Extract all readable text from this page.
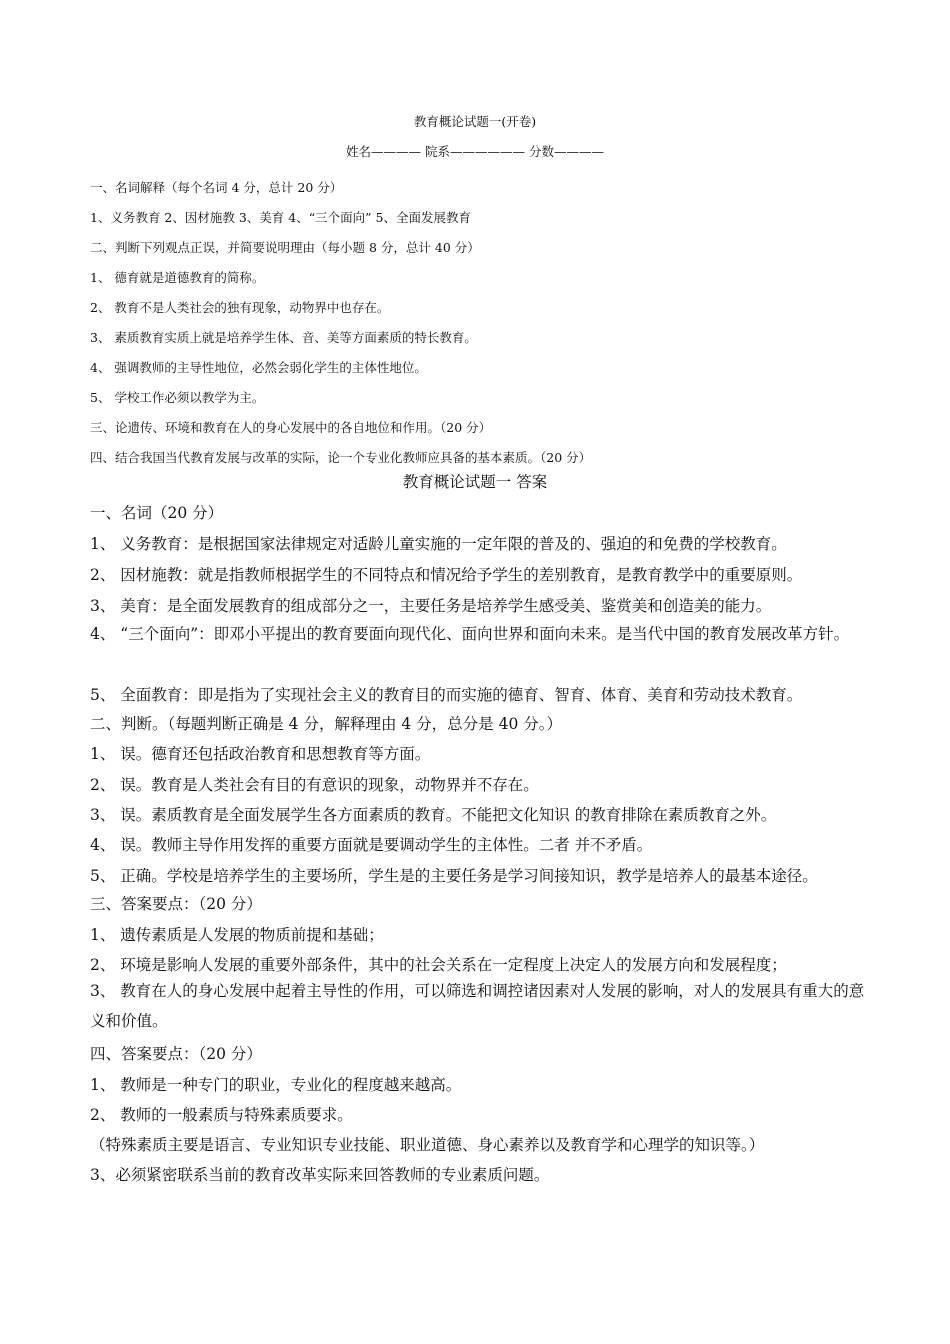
教育概论试题一(开卷)
姓名———— 院系—————— 分数————
一、名词解释（每个名词 4 分，总计 20 分）
1、义务教育 2、因材施教 3、美育 4、“三个面向” 5、全面发展教育
二、判断下列观点正误，并简要说明理由（每小题 8 分，总计 40 分）
1、 德育就是道德教育的简称。
2、 教育不是人类社会的独有现象，动物界中也存在。
3、 素质教育实质上就是培养学生体、音、美等方面素质的特长教育。
4、 强调教师的主导性地位，必然会弱化学生的主体性地位。
5、 学校工作必须以教学为主。
三、论遗传、环境和教育在人的身心发展中的各自地位和作用。（20 分）
四、结合我国当代教育发展与改革的实际，论一个专业化教师应具备的基本素质。（20 分）
教育概论试题一 答案
一、名词（20 分）
1、 义务教育：是根据国家法律规定对适龄儿童实施的一定年限的普及的、强迫的和免费的学校教育。
2、 因材施教：就是指教师根据学生的不同特点和情况给予学生的差别教育，是教育教学中的重要原则。
3、 美育：是全面发展教育的组成部分之一，主要任务是培养学生感受美、鉴赏美和创造美的能力。
4、 “三个面向”：即邓小平提出的教育要面向现代化、面向世界和面向未来。是当代中国的教育发展改革方针。
5、 全面教育：即是指为了实现社会主义的教育目的而实施的德育、智育、体育、美育和劳动技术教育。
二、判断。（每题判断正确是 4 分，解释理由 4 分，总分是 40 分。）
1、 误。德育还包括政治教育和思想教育等方面。
2、 误。教育是人类社会有目的有意识的现象，动物界并不存在。
3、 误。素质教育是全面发展学生各方面素质的教育。不能把文化知识 的教育排除在素质教育之外。
4、 误。教师主导作用发挥的重要方面就是要调动学生的主体性。二者 并不矛盾。
5、 正确。学校是培养学生的主要场所，学生是的主要任务是学习间接知识，教学是培养人的最基本途径。
三、答案要点：（20 分）
1、 遗传素质是人发展的物质前提和基础；
2、 环境是影响人发展的重要外部条件，其中的社会关系在一定程度上决定人的发展方向和发展程度；
3、 教育在人的身心发展中起着主导性的作用，可以筛选和调控诸因素对人发展的影响，对人的发展具有重大的意义和价值。
四、答案要点：（20 分）
1、 教师是一种专门的职业，专业化的程度越来越高。
2、 教师的一般素质与特殊素质要求。
（特殊素质主要是语言、专业知识专业技能、职业道德、身心素养以及教育学和心理学的知识等。）
3、必须紧密联系当前的教育改革实际来回答教师的专业素质问题。
